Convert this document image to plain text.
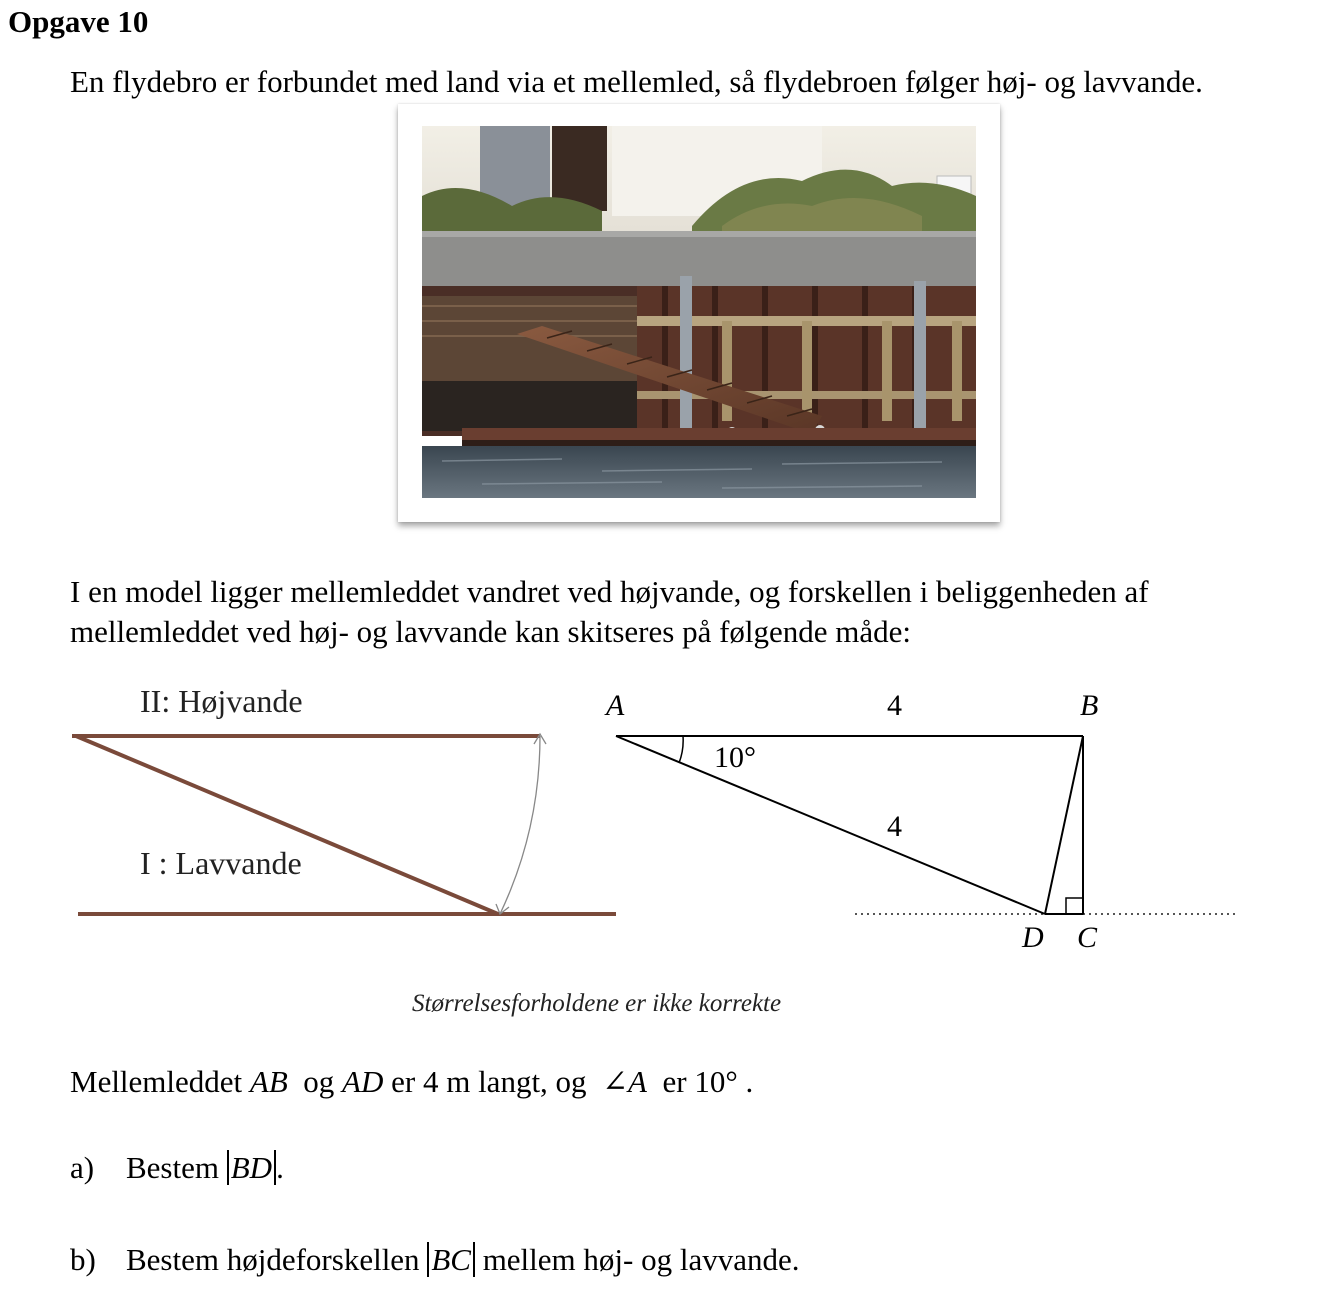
Opgave 10
En flydebro er forbundet med land via et mellemled, så flydebroen følger høj- og lavvande.
I en model ligger mellemleddet vandret ved højvande, og forskellen i beliggenheden af
mellemleddet ved høj- og lavvande kan skitseres på følgende måde:
II: Højvande
I : Lavvande
A	B
D C
4
4
10°
Størrelsesforholdene er ikke korrekte
Mellemleddet AB  og AD er 4 m langt, og  ∠A  er 10° .
a) Bestem BD .
b) Bestem højdeforskellen BC mellem høj- og lavvande.
